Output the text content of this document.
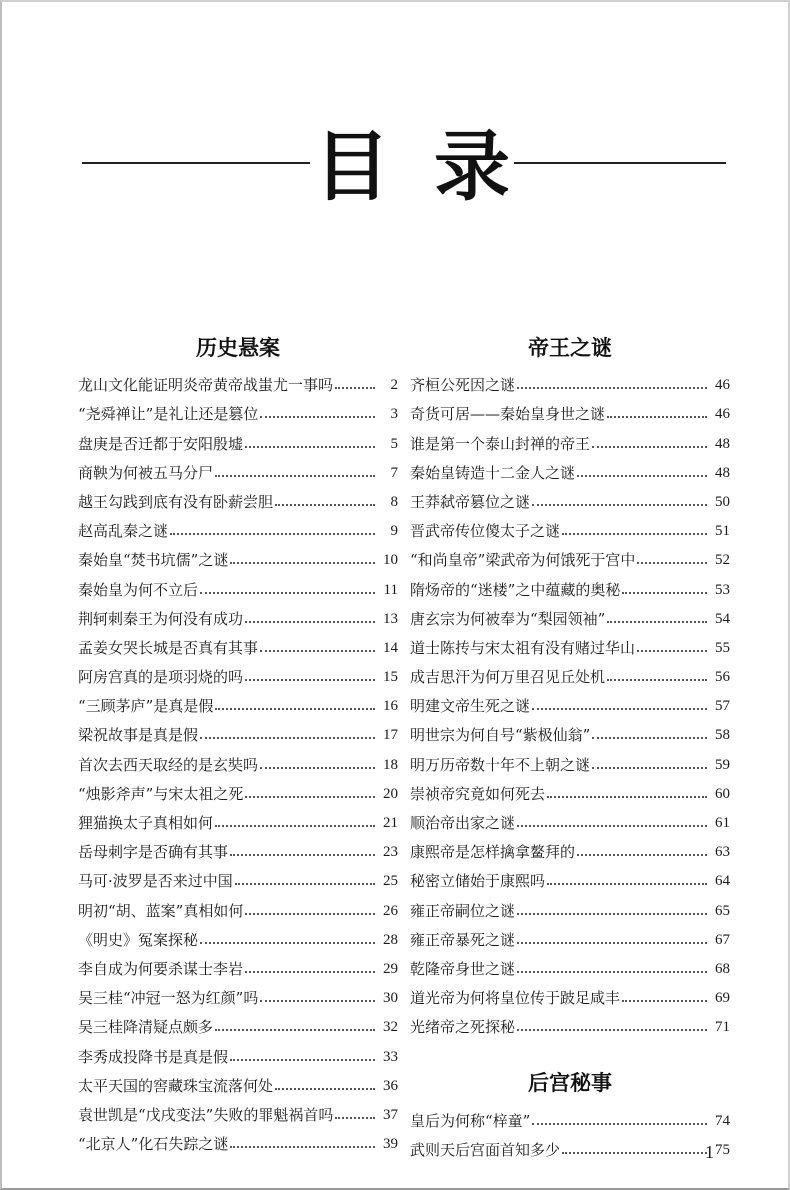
目 录
历史悬案
龙山文化能证明炎帝黄帝战蚩尤一事吗	2
“尧舜禅让”是礼让还是篡位	3
盘庚是否迁都于安阳殷墟	5
商鞅为何被五马分尸	7
越王勾践到底有没有卧薪尝胆	8
赵高乱秦之谜	9
秦始皇“焚书坑儒”之谜	10
秦始皇为何不立后	11
荆轲刺秦王为何没有成功	13
孟姜女哭长城是否真有其事	14
阿房宫真的是项羽烧的吗	15
“三顾茅庐”是真是假	16
梁祝故事是真是假	17
首次去西天取经的是玄奘吗	18
“烛影斧声”与宋太祖之死	20
狸猫换太子真相如何	21
岳母刺字是否确有其事	23
马可·波罗是否来过中国	25
明初“胡、蓝案”真相如何	26
《明史》冤案探秘	28
李自成为何要杀谋士李岩	29
吴三桂“冲冠一怒为红颜”吗	30
吴三桂降清疑点颇多	32
李秀成投降书是真是假	33
太平天国的窖藏珠宝流落何处	36
袁世凯是“戊戌变法”失败的罪魁祸首吗	37
“北京人”化石失踪之谜	39
帝王之谜
齐桓公死因之谜	46
奇货可居——秦始皇身世之谜	46
谁是第一个泰山封禅的帝王	48
秦始皇铸造十二金人之谜	48
王莽弑帝篡位之谜	50
晋武帝传位傻太子之谜	51
“和尚皇帝”梁武帝为何饿死于宫中	52
隋炀帝的“迷楼”之中蕴藏的奥秘	53
唐玄宗为何被奉为“梨园领袖”	54
道士陈抟与宋太祖有没有赌过华山	55
成吉思汗为何万里召见丘处机	56
明建文帝生死之谜	57
明世宗为何自号“紫极仙翁”	58
明万历帝数十年不上朝之谜	59
崇祯帝究竟如何死去	60
顺治帝出家之谜	61
康熙帝是怎样擒拿鳌拜的	63
秘密立储始于康熙吗	64
雍正帝嗣位之谜	65
雍正帝暴死之谜	67
乾隆帝身世之谜	68
道光帝为何将皇位传于跛足咸丰	69
光绪帝之死探秘	71
后宫秘事
皇后为何称“梓童”	74
武则天后宫面首知多少	75
1
